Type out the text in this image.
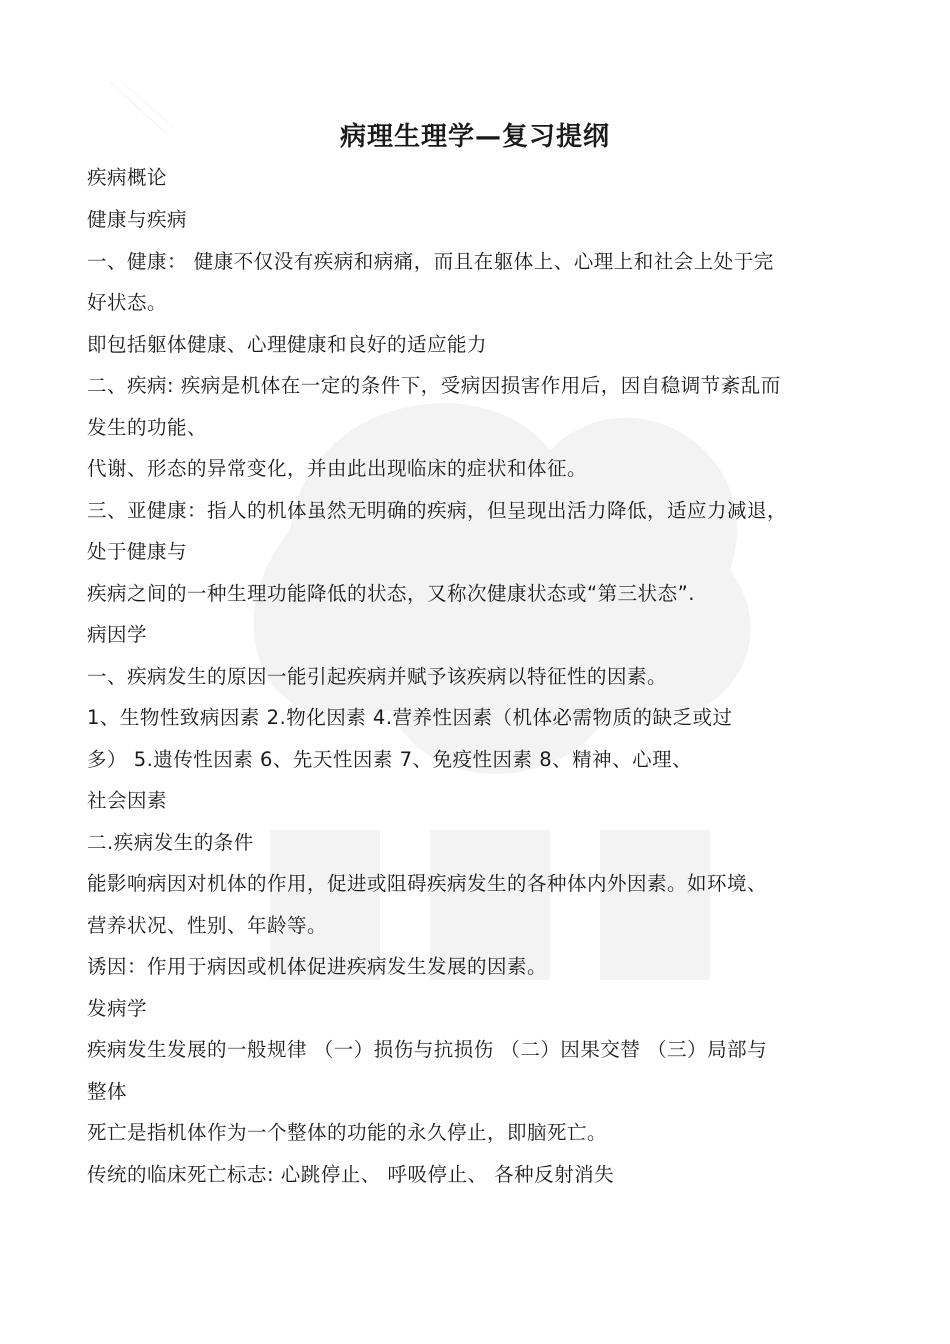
病理生理学—复习提纲

疾病概论

健康与疾病

一、健康： 健康不仅没有疾病和病痛，而且在躯体上、心理上和社会上处于完

好状态。

即包括躯体健康、心理健康和良好的适应能力

二、疾病: 疾病是机体在一定的条件下，受病因损害作用后，因自稳调节紊乱而

发生的功能、

代谢、形态的异常变化，并由此出现临床的症状和体征。

三、亚健康：指人的机体虽然无明确的疾病，但呈现出活力降低，适应力减退，

处于健康与

疾病之间的一种生理功能降低的状态，又称次健康状态或“第三状态”.

病因学

一、疾病发生的原因一能引起疾病并赋予该疾病以特征性的因素。

1、生物性致病因素 2.物化因素 4.营养性因素（机体必需物质的缺乏或过

多） 5.遗传性因素 6、先天性因素 7、免疫性因素 8、精神、心理、

社会因素

二.疾病发生的条件

能影响病因对机体的作用，促进或阻碍疾病发生的各种体内外因素。如环境、

营养状况、性别、年龄等。

诱因：作用于病因或机体促进疾病发生发展的因素。

发病学

疾病发生发展的一般规律 （一）损伤与抗损伤 （二）因果交替 （三）局部与

整体

死亡是指机体作为一个整体的功能的永久停止，即脑死亡。

传统的临床死亡标志: 心跳停止、 呼吸停止、 各种反射消失
